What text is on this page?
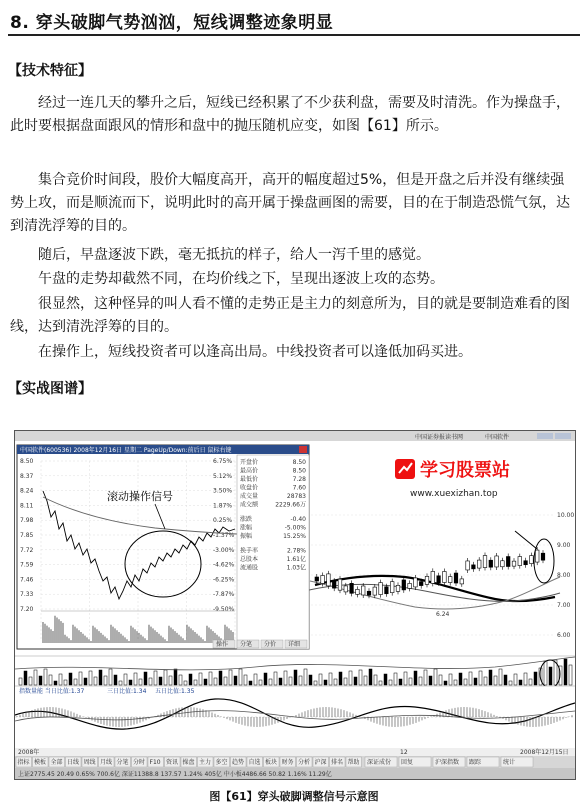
8. 穿头破脚气势汹汹，短线调整迹象明显
【技术特征】
经过一连几天的攀升之后，短线已经积累了不少获利盘，需要及时清洗。作为操盘手，此时要根据盘面跟风的情形和盘中的抛压随机应变，如图【61】所示。
集合竞价时间段，股价大幅度高开，高开的幅度超过5%，但是开盘之后并没有继续强势上攻，而是顺流而下，说明此时的高开属于操盘画图的需要，目的在于制造恐慌气氛，达到清洗浮筹的目的。
随后，早盘逐波下跌，毫无抵抗的样子，给人一泻千里的感觉。
午盘的走势却截然不同，在均价线之下，呈现出逐波上攻的态势。
很显然，这种怪异的叫人看不懂的走势正是主力的刻意所为，目的就是要制造难看的图线，达到清洗浮筹的目的。
在操作上，短线投资者可以逢高出局。中线投资者可以逢低加码买进。
【实战图谱】
中国证券报读书网	中国软件
6.24
10.00
9.00
8.00
7.00
6.00
学习股票站
www.xuexizhan.top
中国软件(600536) 2008年12月16日 星期二 PageUp/Down:前后日 鼠标右键
8.50
8.37
8.24
8.11
7.98
7.85
7.72
7.59
7.46
7.33
7.20
6.75%
5.12%
3.50%
1.87%
0.25%
-1.37%
-3.00%
-4.62%
-6.25%
-7.87%
-9.50%
滚动操作信号
开盘价	8.50
最高价	8.50
最低价	7.28
收盘价	7.60
成交量	28783
成交额	2229.66万
涨跌	-0.40
涨幅	-5.00%
振幅	15.25%
换手率	2.78%
总股本	1.61亿
流通股	1.03亿
操作 分笔 分价 详细
指数量能 当日比值:1.37	三日比值:1.34 五日比值:1.35
2008年	12	2008年12月15日
指标 模板 全部 日线 周线 月线 分笔 分时 F10 资讯 操盘 主力 多空 趋势 自选 板块 财务 分析 沪深 排名 帮助 深证成份 回复	沪深指数 跟踪	统计
上证2775.45 20.49 0.65% 700.6亿 深证11388.8 137.57 1.24% 405亿 中小板4486.66 50.82 1.16% 11.29亿
图【61】穿头破脚调整信号示意图
